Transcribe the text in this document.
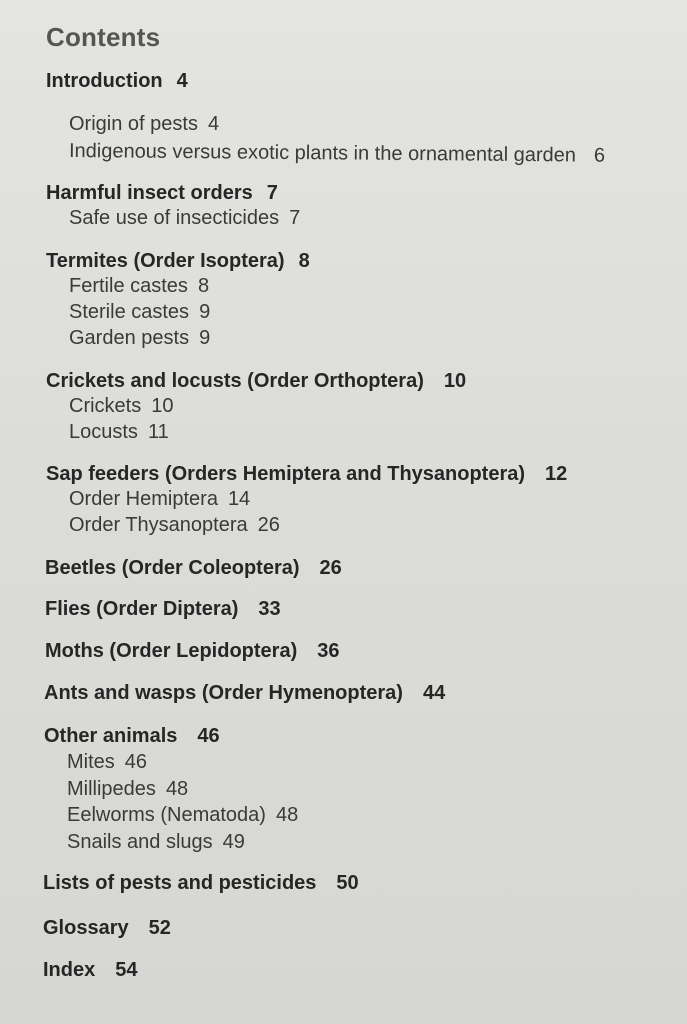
Contents
Introduction 4
Origin of pests 4
Indigenous versus exotic plants in the ornamental garden 6
Harmful insect orders 7
Safe use of insecticides 7
Termites (Order Isoptera) 8
Fertile castes 8
Sterile castes 9
Garden pests 9
Crickets and locusts (Order Orthoptera) 10
Crickets 10
Locusts 11
Sap feeders (Orders Hemiptera and Thysanoptera) 12
Order Hemiptera 14
Order Thysanoptera 26
Beetles (Order Coleoptera) 26
Flies (Order Diptera) 33
Moths (Order Lepidoptera) 36
Ants and wasps (Order Hymenoptera) 44
Other animals 46
Mites 46
Millipedes 48
Eelworms (Nematoda) 48
Snails and slugs 49
Lists of pests and pesticides 50
Glossary 52
Index 54
